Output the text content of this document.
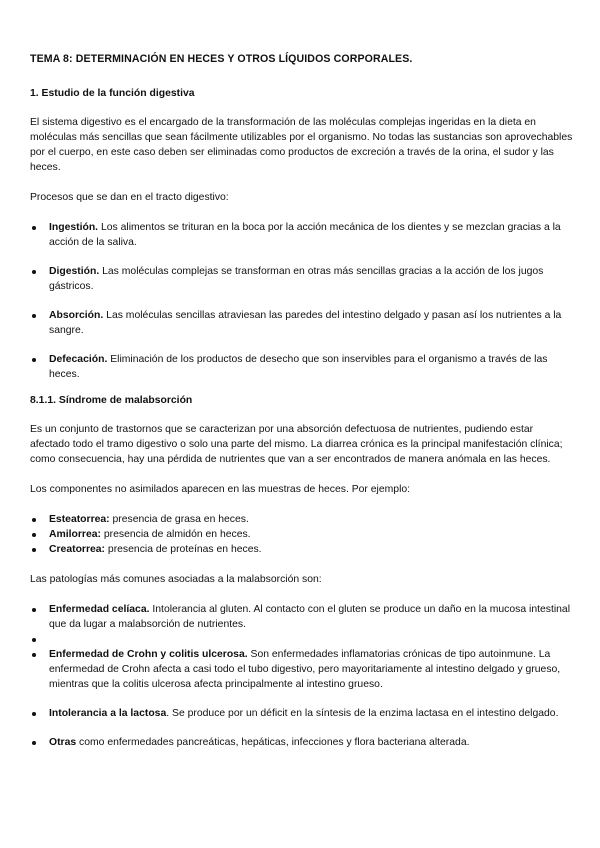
TEMA 8: DETERMINACIÓN EN HECES Y OTROS LÍQUIDOS CORPORALES.
1. Estudio de la función digestiva

El sistema digestivo es el encargado de la transformación de las moléculas complejas ingeridas en la dieta en moléculas más sencillas que sean fácilmente utilizables por el organismo. No todas las sustancias son aprovechables por el cuerpo, en este caso deben ser eliminadas como productos de excreción a través de la orina, el sudor y las heces.

Procesos que se dan en el tracto digestivo:

Ingestión. Los alimentos se trituran en la boca por la acción mecánica de los dientes y se mezclan gracias a la acción de la saliva.
Digestión. Las moléculas complejas se transforman en otras más sencillas gracias a la acción de los jugos gástricos.
Absorción. Las moléculas sencillas atraviesan las paredes del intestino delgado y pasan así los nutrientes a la sangre.
Defecación. Eliminación de los productos de desecho que son inservibles para el organismo a través de las heces.
8.1.1. Síndrome de malabsorción

Es un conjunto de trastornos que se caracterizan por una absorción defectuosa de nutrientes, pudiendo estar afectado todo el tramo digestivo o solo una parte del mismo. La diarrea crónica es la principal manifestación clínica; como consecuencia, hay una pérdida de nutrientes que van a ser encontrados de manera anómala en las heces.

Los componentes no asimilados aparecen en las muestras de heces. Por ejemplo:

Esteatorrea: presencia de grasa en heces.
Amilorrea: presencia de almidón en heces.
Creatorrea: presencia de proteínas en heces.

Las patologías más comunes asociadas a la malabsorción son:

Enfermedad celíaca. Intolerancia al gluten. Al contacto con el gluten se produce un daño en la mucosa intestinal que da lugar a malabsorción de nutrientes.
Enfermedad de Crohn y colitis ulcerosa. Son enfermedades inflamatorias crónicas de tipo autoinmune. La enfermedad de Crohn afecta a casi todo el tubo digestivo, pero mayoritariamente al intestino delgado y grueso, mientras que la colitis ulcerosa afecta principalmente al intestino grueso.
Intolerancia a la lactosa. Se produce por un déficit en la síntesis de la enzima lactasa en el intestino delgado.
Otras como enfermedades pancreáticas, hepáticas, infecciones y flora bacteriana alterada.
